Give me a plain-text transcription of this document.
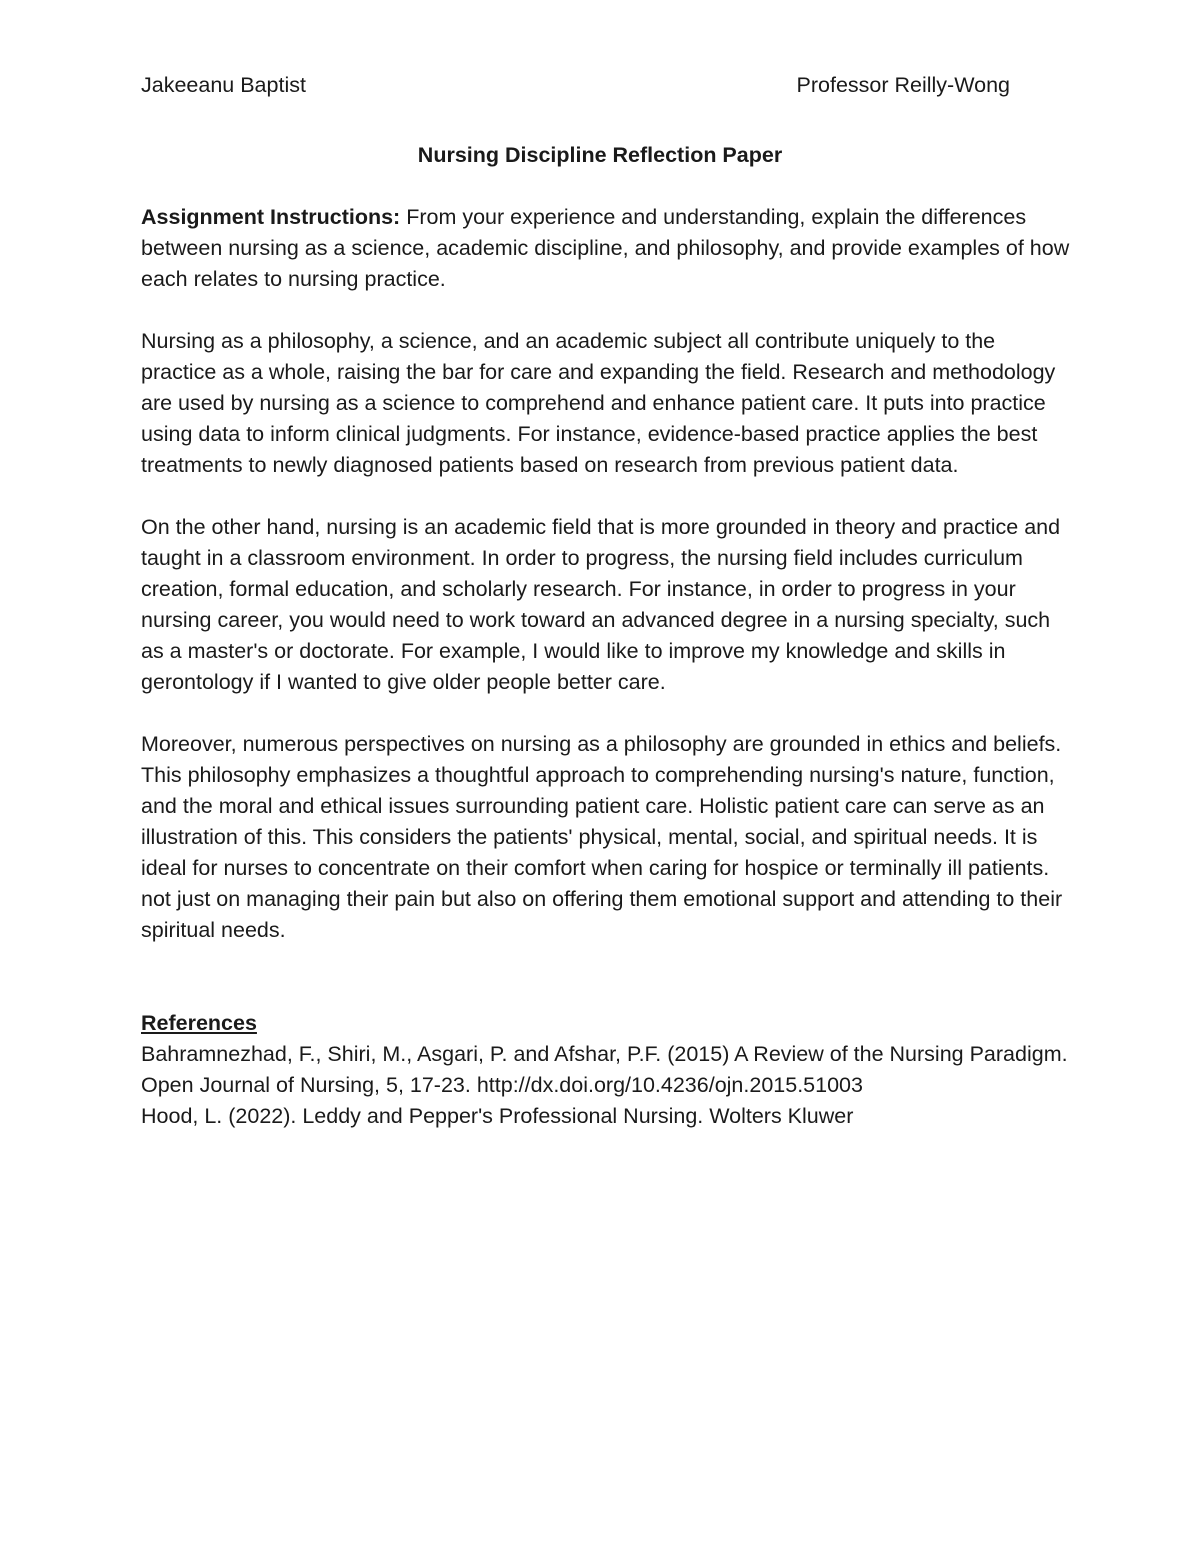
Jakeeanu Baptist	Professor Reilly-Wong
Nursing Discipline Reflection Paper

Assignment Instructions: From your experience and understanding, explain the differences between nursing as a science, academic discipline, and philosophy, and provide examples of how each relates to nursing practice.

Nursing as a philosophy, a science, and an academic subject all contribute uniquely to the practice as a whole, raising the bar for care and expanding the field. Research and methodology are used by nursing as a science to comprehend and enhance patient care. It puts into practice using data to inform clinical judgments. For instance, evidence-based practice applies the best treatments to newly diagnosed patients based on research from previous patient data.

On the other hand, nursing is an academic field that is more grounded in theory and practice and taught in a classroom environment. In order to progress, the nursing field includes curriculum creation, formal education, and scholarly research. For instance, in order to progress in your nursing career, you would need to work toward an advanced degree in a nursing specialty, such as a master's or doctorate. For example, I would like to improve my knowledge and skills in gerontology if I wanted to give older people better care.

Moreover, numerous perspectives on nursing as a philosophy are grounded in ethics and beliefs. This philosophy emphasizes a thoughtful approach to comprehending nursing's nature, function, and the moral and ethical issues surrounding patient care. Holistic patient care can serve as an illustration of this. This considers the patients' physical, mental, social, and spiritual needs. It is ideal for nurses to concentrate on their comfort when caring for hospice or terminally ill patients. not just on managing their pain but also on offering them emotional support and attending to their spiritual needs.

References
Bahramnezhad, F., Shiri, M., Asgari, P. and Afshar, P.F. (2015) A Review of the Nursing Paradigm. Open Journal of Nursing, 5, 17-23. http://dx.doi.org/10.4236/ojn.2015.51003
Hood, L. (2022). Leddy and Pepper's Professional Nursing. Wolters Kluwer
